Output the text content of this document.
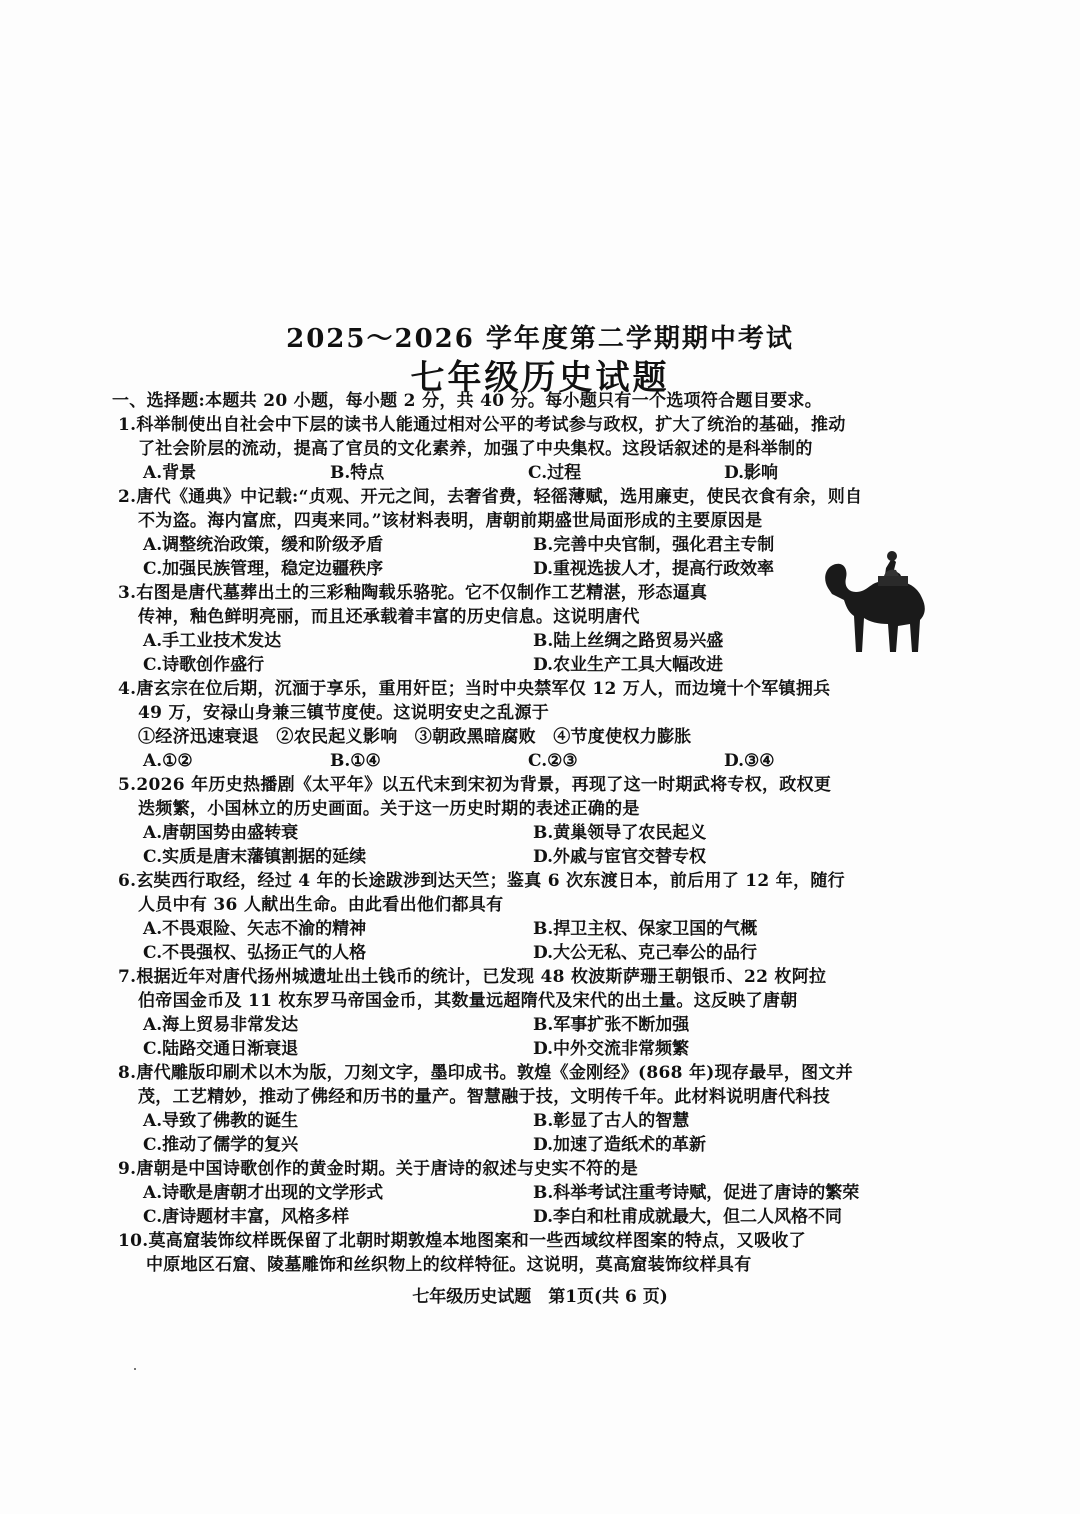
2025～2026 学年度第二学期期中考试
七年级历史试题
一、选择题:本题共 20 小题，每小题 2 分，共 40 分。每小题只有一个选项符合题目要求。
1.科举制使出自社会中下层的读书人能通过相对公平的考试参与政权，扩大了统治的基础，推动
了社会阶层的流动，提高了官员的文化素养，加强了中央集权。这段话叙述的是科举制的
A.背景	B.特点	C.过程	D.影响
2.唐代《通典》中记载:“贞观、开元之间，去奢省费，轻徭薄赋，选用廉吏，使民衣食有余，则自
不为盗。海内富庶，四夷来同。”该材料表明，唐朝前期盛世局面形成的主要原因是
A.调整统治政策，缓和阶级矛盾	B.完善中央官制，强化君主专制
C.加强民族管理，稳定边疆秩序	D.重视选拔人才，提高行政效率
3.右图是唐代墓葬出土的三彩釉陶载乐骆驼。它不仅制作工艺精湛，形态逼真
传神，釉色鲜明亮丽，而且还承载着丰富的历史信息。这说明唐代
A.手工业技术发达	B.陆上丝绸之路贸易兴盛
C.诗歌创作盛行	D.农业生产工具大幅改进
4.唐玄宗在位后期，沉湎于享乐，重用奸臣；当时中央禁军仅 12 万人，而边境十个军镇拥兵
49 万，安禄山身兼三镇节度使。这说明安史之乱源于
①经济迅速衰退　②农民起义影响　③朝政黑暗腐败　④节度使权力膨胀
A.①②	B.①④	C.②③	D.③④
5.2026 年历史热播剧《太平年》以五代末到宋初为背景，再现了这一时期武将专权，政权更
迭频繁，小国林立的历史画面。关于这一历史时期的表述正确的是
A.唐朝国势由盛转衰	B.黄巢领导了农民起义
C.实质是唐末藩镇割据的延续	D.外戚与宦官交替专权
6.玄奘西行取经，经过 4 年的长途跋涉到达天竺；鉴真 6 次东渡日本，前后用了 12 年，随行
人员中有 36 人献出生命。由此看出他们都具有
A.不畏艰险、矢志不渝的精神	B.捍卫主权、保家卫国的气概
C.不畏强权、弘扬正气的人格	D.大公无私、克己奉公的品行
7.根据近年对唐代扬州城遗址出土钱币的统计，已发现 48 枚波斯萨珊王朝银币、22 枚阿拉
伯帝国金币及 11 枚东罗马帝国金币，其数量远超隋代及宋代的出土量。这反映了唐朝
A.海上贸易非常发达	B.军事扩张不断加强
C.陆路交通日渐衰退	D.中外交流非常频繁
8.唐代雕版印刷术以木为版，刀刻文字，墨印成书。敦煌《金刚经》(868 年)现存最早，图文并
茂，工艺精妙，推动了佛经和历书的量产。智慧融于技，文明传千年。此材料说明唐代科技
A.导致了佛教的诞生	B.彰显了古人的智慧
C.推动了儒学的复兴	D.加速了造纸术的革新
9.唐朝是中国诗歌创作的黄金时期。关于唐诗的叙述与史实不符的是
A.诗歌是唐朝才出现的文学形式	B.科举考试注重考诗赋，促进了唐诗的繁荣
C.唐诗题材丰富，风格多样	D.李白和杜甫成就最大，但二人风格不同
10.莫高窟装饰纹样既保留了北朝时期敦煌本地图案和一些西域纹样图案的特点，又吸收了
中原地区石窟、陵墓雕饰和丝织物上的纹样特征。这说明，莫高窟装饰纹样具有
七年级历史试题　第1页(共 6 页)
